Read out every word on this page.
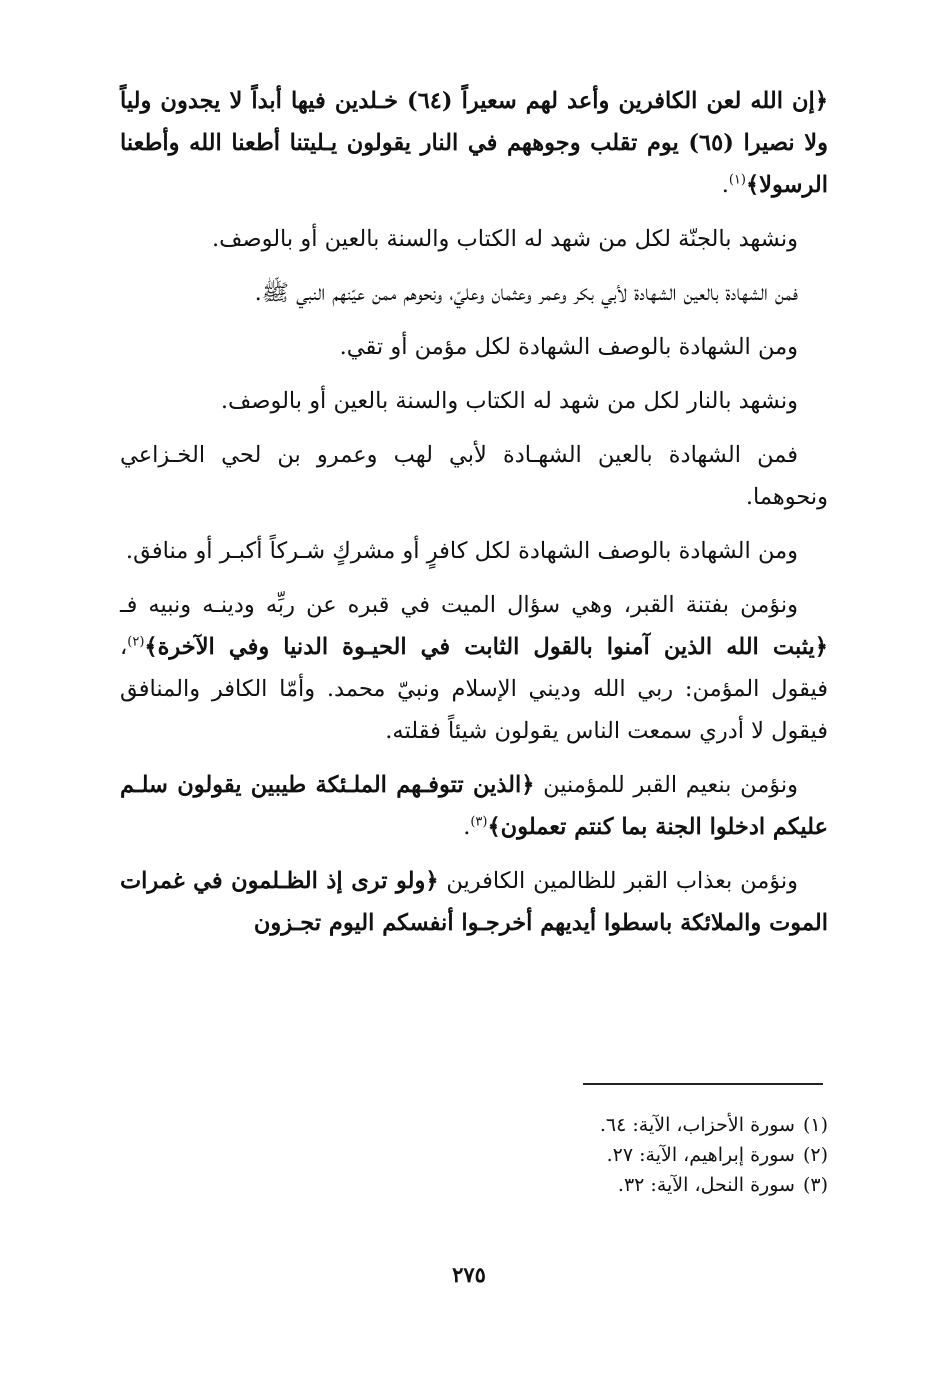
﴿إن الله لعن الكافرين وأعد لهم سعيراً (٦٤) خـلدين فيها أبداً لا يجدون ولياً ولا نصيرا (٦٥) يوم تقلب وجوههم في النار يقولون يـليتنا أطعنا الله وأطعنا الرسولا﴾$^{(١)}$.

ونشهد بالجنّة لكل من شهد له الكتاب والسنة بالعين أو بالوصف.

فمن الشهادة بالعين الشهادة لأبي بكر وعمر وعثمان وعليّ، ونحوهم ممن عيّنهم النبي ﷺ.

ومن الشهادة بالوصف الشهادة لكل مؤمن أو تقي.

ونشهد بالنار لكل من شهد له الكتاب والسنة بالعين أو بالوصف.

فمن الشهادة بالعين الشهـادة لأبي لهب وعمرو بن لحي الخـزاعي ونحوهما.

ومن الشهادة بالوصف الشهادة لكل كافرٍ أو مشركٍ شـركاً أكبـر أو منافق.

ونؤمن بفتنة القبر، وهي سؤال الميت في قبره عن ربِّه ودينـه ونبيه فـ ﴿يثبت الله الذين آمنوا بالقول الثابت في الحيـوة الدنيا وفي الآخرة﴾$^{(٢)}$، فيقول المؤمن: ربي الله وديني الإسلام ونبيّ محمد. وأمّا الكافر والمنافق فيقول لا أدري سمعت الناس يقولون شيئاً فقلته.

ونؤمن بنعيم القبر للمؤمنين ﴿الذين تتوفـهم الملـئكة طيبين يقولون سلـم عليكم ادخلوا الجنة بما كنتم تعملون﴾$^{(٣)}$.

ونؤمن بعذاب القبر للظالمين الكافرين ﴿ولو ترى إذ الظـلمون في غمرات الموت والملائكة باسطوا أيديهم أخرجـوا أنفسكم اليوم تجـزون

(١)سورة الأحزاب، الآية: ٦٤.

(٢)سورة إبراهيم، الآية: ٢٧.

(٣)سورة النحل، الآية: ٣٢.

٢٧٥
